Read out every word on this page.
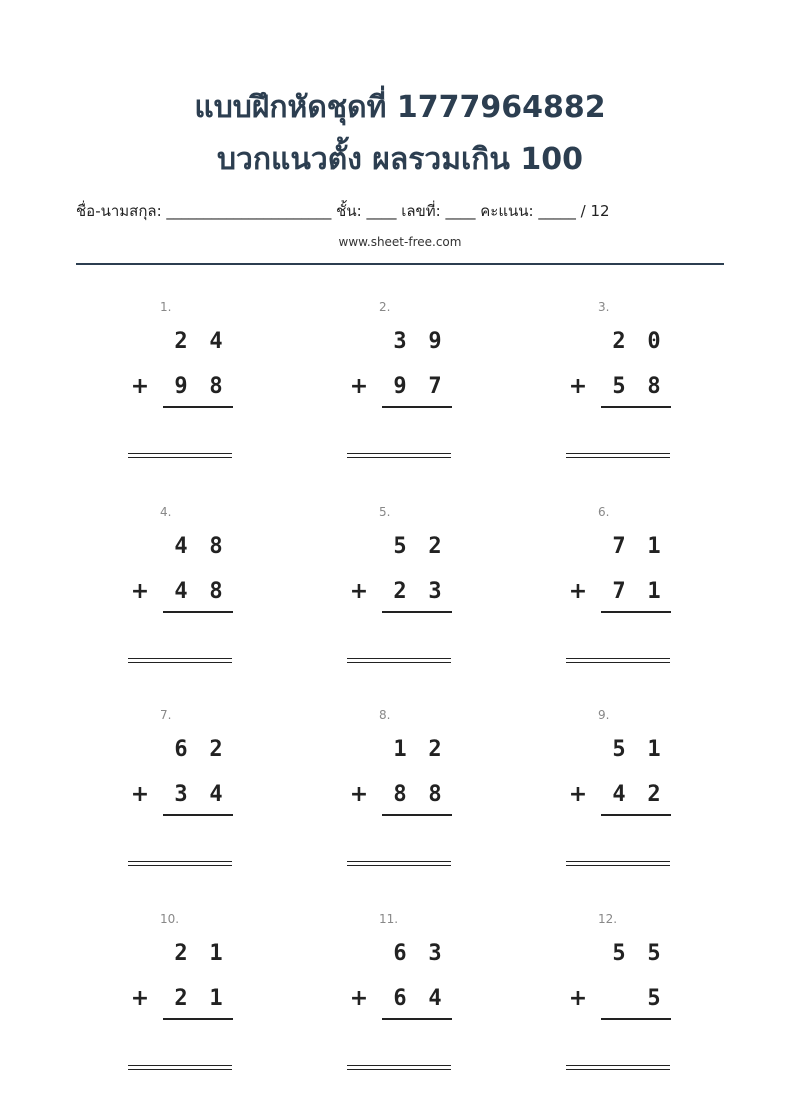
แบบฝึกหัดชุดที่ 1777964882
บวกแนวตั้ง ผลรวมเกิน 100
ชื่อ-นามสกุล: ______________________ ชั้น: ____ เลขที่: ____ คะแนน: _____ / 12
www.sheet-free.com
1.
2 4
9 8
+
2.
3 9
9 7
+
3.
2 0
5 8
+
4.
4 8
4 8
+
5.
5 2
2 3
+
6.
7 1
7 1
+
7.
6 2
3 4
+
8.
1 2
8 8
+
9.
5 1
4 2
+
10.
2 1
2 1
+
11.
6 3
6 4
+
12.
5 5
5
+
